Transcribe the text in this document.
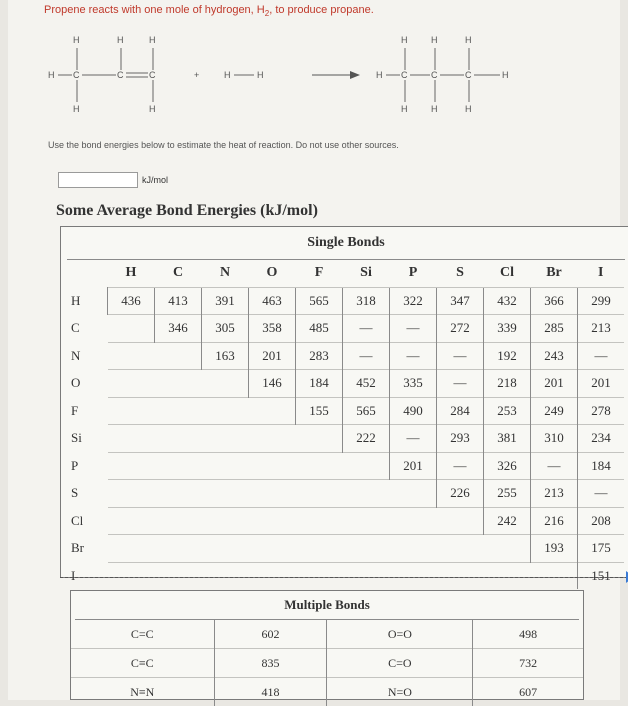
Propene reacts with one mole of hydrogen, $H_2$, to produce propane.
H C	C	C
H	H	H
H	H
+	H	H	H C	C	C	H
H	H	H
H	H	H
Use the bond energies below to estimate the heat of reaction. Do not use other sources.
kJ/mol
Some Average Bond Energies (kJ/mol)
Single Bonds
	H	C	N	O	F	Si	P	S	Cl	Br	I
H	436	413	391	463	565	318	322	347	432	366	299
C		346	305	358	485	—	—	272	339	285	213
N			163	201	283	—	—	—	192	243	—
O				146	184	452	335	—	218	201	201
F					155	565	490	284	253	249	278
Si						222	—	293	381	310	234
P							201	—	326	—	184
S								226	255	213	—
Cl									242	216	208
Br										193	175
I											151
Multiple Bonds
C=C	602	O=O	498
C≡C	835	C=O	732
N≡N	418	N=O	607
